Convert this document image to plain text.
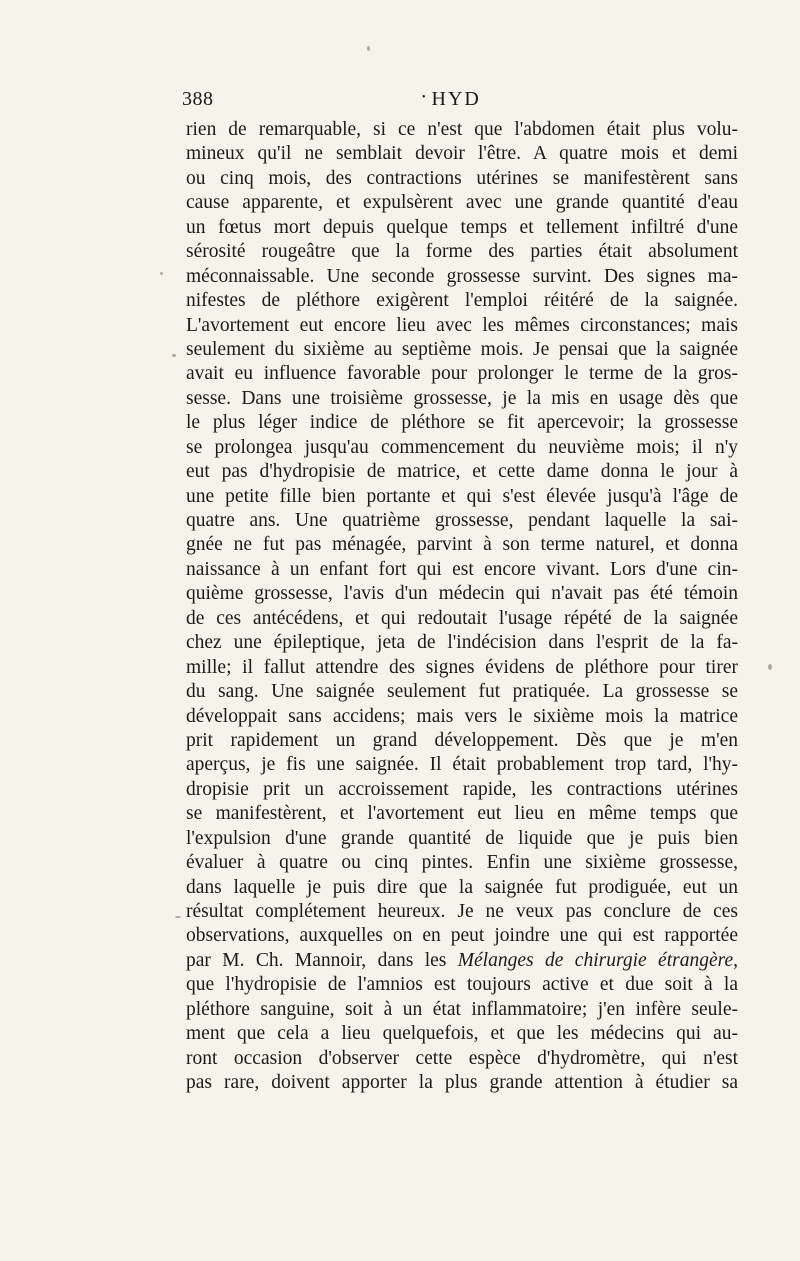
388
•	HYD
rien de remarquable, si ce n'est que l'abdomen était plus volu-
mineux qu'il ne semblait devoir l'être. A quatre mois et demi
ou cinq mois, des contractions utérines se manifestèrent sans
cause apparente, et expulsèrent avec une grande quantité d'eau
un fœtus mort depuis quelque temps et tellement infiltré d'une
sérosité rougeâtre que la forme des parties était absolument
méconnaissable. Une seconde grossesse survint. Des signes ma-
nifestes de pléthore exigèrent l'emploi réitéré de la saignée.
L'avortement eut encore lieu avec les mêmes circonstances; mais
seulement du sixième au septième mois. Je pensai que la saignée
avait eu influence favorable pour prolonger le terme de la gros-
sesse. Dans une troisième grossesse, je la mis en usage dès que
le plus léger indice de pléthore se fit apercevoir; la grossesse
se prolongea jusqu'au commencement du neuvième mois; il n'y
eut pas d'hydropisie de matrice, et cette dame donna le jour à
une petite fille bien portante et qui s'est élevée jusqu'à l'âge de
quatre ans. Une quatrième grossesse, pendant laquelle la sai-
gnée ne fut pas ménagée, parvint à son terme naturel, et donna
naissance à un enfant fort qui est encore vivant. Lors d'une cin-
quième grossesse, l'avis d'un médecin qui n'avait pas été témoin
de ces antécédens, et qui redoutait l'usage répété de la saignée
chez une épileptique, jeta de l'indécision dans l'esprit de la fa-
mille; il fallut attendre des signes évidens de pléthore pour tirer
du sang. Une saignée seulement fut pratiquée. La grossesse se
développait sans accidens; mais vers le sixième mois la matrice
prit rapidement un grand développement. Dès que je m'en
aperçus, je fis une saignée. Il était probablement trop tard, l'hy-
dropisie prit un accroissement rapide, les contractions utérines
se manifestèrent, et l'avortement eut lieu en même temps que
l'expulsion d'une grande quantité de liquide que je puis bien
évaluer à quatre ou cinq pintes. Enfin une sixième grossesse,
dans laquelle je puis dire que la saignée fut prodiguée, eut un
résultat complétement heureux. Je ne veux pas conclure de ces
observations, auxquelles on en peut joindre une qui est rapportée
par M. Ch. Mannoir, dans les Mélanges de chirurgie étrangère,
que l'hydropisie de l'amnios est toujours active et due soit à la
pléthore sanguine, soit à un état inflammatoire; j'en infère seule-
ment que cela a lieu quelquefois, et que les médecins qui au-
ront occasion d'observer cette espèce d'hydromètre, qui n'est
pas rare, doivent apporter la plus grande attention à étudier sa
